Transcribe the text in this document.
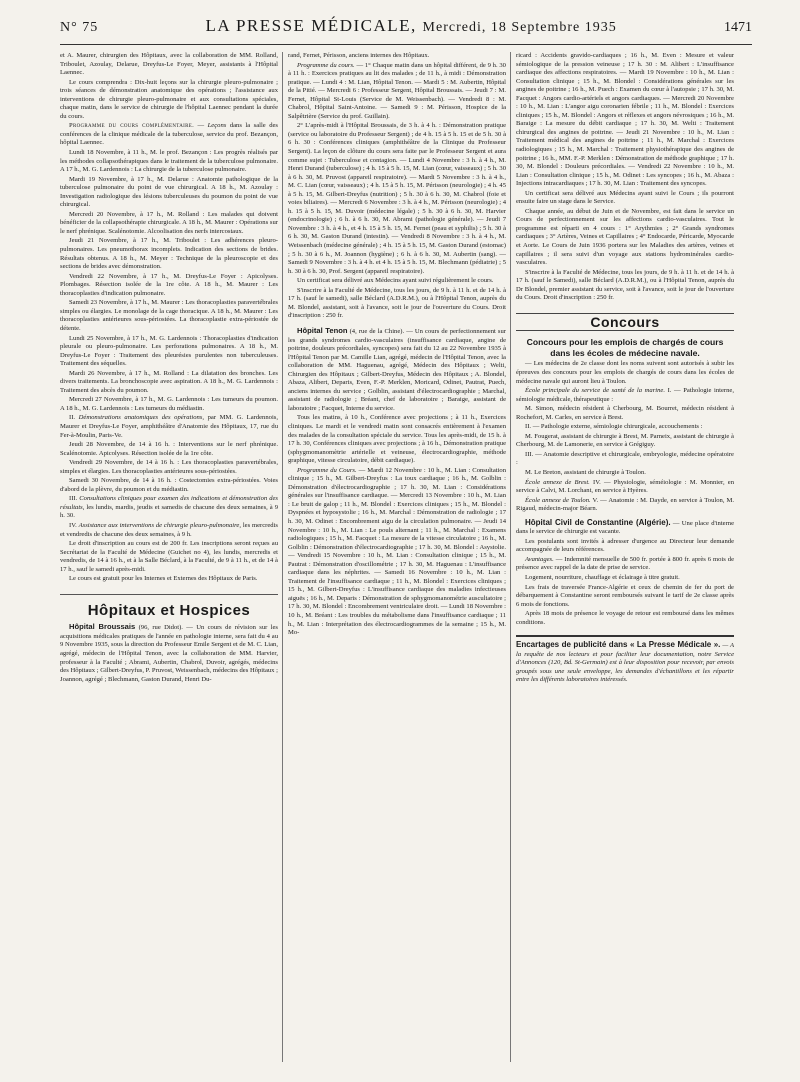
N° 75	LA PRESSE MÉDICALE, Mercredi, 18 Septembre 1935	1471

et A. Maurer, chirurgien des Hôpitaux, avec la collaboration de MM. Rolland, Triboulet, Azoulay, Delarue, Dreyfus-Le Foyer, Meyer, assistants à l'Hôpital Laennec.

Le cours comprendra : Dix-huit leçons sur la chirurgie pleuro-pulmonaire ; trois séances de démonstration anatomique des opérations ; l'assistance aux interventions de chirurgie pleuro-pulmonaire et aux consultations spéciales, chaque matin, dans le service de chirurgie de l'hôpital Laennec pendant la durée du cours.

Programme du cours complémentaire. — Leçons dans la salle des conférences de la clinique médicale de la tuberculose, service du prof. Bezançon, hôpital Laennec.

Lundi 18 Novembre, à 11 h., M. le prof. Bezançon : Les progrès réalisés par les méthodes collapsothérapiques dans le traitement de la tuberculose pulmonaire. A 17 h., M. G. Lardennois : La chirurgie de la tuberculose pulmonaire.

Mardi 19 Novembre, à 17 h., M. Delarue : Anatomie pathologique de la tuberculose pulmonaire du point de vue chirurgical. A 18 h., M. Azoulay : Investigation radiologique des lésions tuberculeuses du poumon du point de vue chirurgical.

Mercredi 20 Novembre, à 17 h., M. Rolland : Les malades qui doivent bénéficier de la collapsothérapie chirurgicale. A 18 h., M. Maurer : Opérations sur le nerf phrénique. Scalénotomie. Alcoolisation des nerfs intercostaux.

Jeudi 21 Novembre, à 17 h., M. Triboulet : Les adhérences pleuro-pulmonaires. Les pneumothorax incomplets. Indication des sections de brides. Résultats obtenus. A 18 h., M. Meyer : Technique de la pleuroscopie et des sections de brides avec démonstration.

Vendredi 22 Novembre, à 17 h., M. Dreyfus-Le Foyer : Apicolyses. Plombages. Résection isolée de la 1re côte. A 18 h., M. Maurer : Les thoracoplasties d'indication pulmonaire.

Samedi 23 Novembre, à 17 h., M. Maurer : Les thoracoplasties paravertébrales simples ou élargies. Le monolage de la cage thoracique. A 18 h., M. Maurer : Les thoracoplasties antérieures sous-périostées. La thoracoplastie extra-périostée de détente.

Lundi 25 Novembre, à 17 h., M. G. Lardennois : Thoracoplasties d'indication pleurale ou pleuro-pulmonaire. Les perforations pulmonaires. A 18 h., M. Dreyfus-Le Foyer : Traitement des pleurésies purulentes non tuberculeuses. Traitement des séquelles.

Mardi 26 Novembre, à 17 h., M. Rolland : La dilatation des bronches. Les divers traitements. La bronchoscopie avec aspiration. A 18 h., M. G. Lardennois : Traitement des abcès du poumon.

Mercredi 27 Novembre, à 17 h., M. G. Lardennois : Les tumeurs du poumon. A 18 h., M. G. Lardennois : Les tumeurs du médiastin.

II. Démonstrations anatomiques des opérations, par MM. G. Lardennois, Maurer et Dreyfus-Le Foyer, amphithéâtre d'Anatomie des Hôpitaux, 17, rue du Fer-à-Moulin, Paris-Ve.

Jeudi 28 Novembre, de 14 à 16 h. : Interventions sur le nerf phrénique. Scalénotomie. Apicolyses. Résection isolée de la 1re côte.

Vendredi 29 Novembre, de 14 à 16 h. : Les thoracoplasties paravertébrales, simples et élargies. Les thoracoplasties antérieures sous-périostées.

Samedi 30 Novembre, de 14 à 16 h. : Costectomies extra-périostées. Voies d'abord de la plèvre, du poumon et du médiastin.

III. Consultations cliniques pour examen des indications et démonstration des résultats, les lundis, mardis, jeudis et samedis de chacune des deux semaines, à 9 h. 30.

IV. Assistance aux interventions de chirurgie pleuro-pulmonaire, les mercredis et vendredis de chacune des deux semaines, à 9 h.

Le droit d'inscription au cours est de 200 fr. Les inscriptions seront reçues au Secrétariat de la Faculté de Médecine (Guichet no 4), les lundis, mercredis et vendredis, de 14 à 16 h., et à la Salle Béclard, à la Faculté, de 9 à 11 h., et de 14 à 17 h., sauf le samedi après-midi.

Le cours est gratuit pour les Internes et Externes des Hôpitaux de Paris.

Hôpitaux et Hospices

Hôpital Broussais (96, rue Didot). — Un cours de révision sur les acquisitions médicales pratiques de l'année en pathologie interne, sera fait du 4 au 9 Novembre 1935, sous la direction du Professeur Emile Sergent et de M. C. Lian, agrégé, médecin de l'Hôpital Tenon, avec la collaboration de MM. Harvier, professeur à la Faculté ; Abrami, Aubertin, Chabrol, Duvoir, agrégés, médecins des Hôpitaux ; Gilbert-Dreyfus, P. Pruvost, Weissenbach, médecins des Hôpitaux ; Joannon, agrégé ; Blechmann, Gaston Durand, Henri Du-

rand, Fernet, Périsson, anciens internes des Hôpitaux.

Programme du cours. — 1° Chaque matin dans un hôpital différent, de 9 h. 30 à 11 h. : Exercices pratiques au lit des malades ; de 11 h., à midi : Démonstration pratique. — Lundi 4 : M. Lian, Hôpital Tenon. — Mardi 5 : M. Aubertin, Hôpital de la Pitié. — Mercredi 6 : Professeur Sergent, Hôpital Broussais. — Jeudi 7 : M. Fernet, Hôpital St-Louis (Service de M. Weissenbach). — Vendredi 8 : M. Chabrol, Hôpital Saint-Antoine. — Samedi 9 : M. Périsson, Hospice de la Salpêtrière (Service du prof. Guillain).

2° L'après-midi à l'Hôpital Broussais, de 3 h. à 4 h. : Démonstration pratique (service ou laboratoire du Professeur Sergent) ; de 4 h. 15 à 5 h. 15 et de 5 h. 30 à 6 h. 30 : Conférences cliniques (amphithéâtre de la Clinique du Professeur Sergent). La leçon de clôture du cours sera faite par le Professeur Sergent et aura comme sujet : Tuberculose et contagion. — Lundi 4 Novembre : 3 h. à 4 h., M. Henri Durand (tuberculose) ; 4 h. 15 à 5 h. 15, M. Lian (cœur, vaisseaux) ; 5 h. 30 à 6 h. 30, M. Pruvost (appareil respiratoire). — Mardi 5 Novembre : 3 h. à 4 h., M. C. Lian (cœur, vaisseaux) ; 4 h. 15 à 5 h. 15, M. Périsson (neurologie) ; 4 h. 45 à 5 h. 15, M. Gilbert-Dreyfus (nutrition) ; 5 h. 30 à 6 h. 30, M. Chabrol (foie et voies biliaires). — Mercredi 6 Novembre : 3 h. à 4 h., M. Périsson (neurologie) ; 4 h. 15 à 5 h. 15, M. Duvoir (médecine légale) ; 5 h. 30 à 6 h. 30, M. Harvier (endocrinologie) ; 6 h. à 6 h. 30, M. Abrami (pathologie générale). — Jeudi 7 Novembre : 3 h. à 4 h., et 4 h. 15 à 5 h. 15, M. Fernet (peau et syphilis) ; 5 h. 30 à 6 h. 30, M. Gaston Durand (intestin). — Vendredi 8 Novembre : 3 h. à 4 h., M. Weissenbach (médecine générale) ; 4 h. 15 à 5 h. 15, M. Gaston Durand (estomac) ; 5 h. 30 à 6 h., M. Joannon (hygiène) ; 6 h. à 6 h. 30, M. Aubertin (sang). — Samedi 9 Novembre : 3 h. à 4 h. et 4 h. 15 à 5 h. 15, M. Blechmann (pédiatrie) ; 5 h. 30 à 6 h. 30, Prof. Sergent (appareil respiratoire).

Un certificat sera délivré aux Médecins ayant suivi régulièrement le cours.

S'inscrire à la Faculté de Médecine, tous les jours, de 9 h. à 11 h. et de 14 h. à 17 h. (sauf le samedi), salle Béclard (A.D.R.M.), ou à l'Hôpital Tenon, auprès du M. Blondel, assistant, soit à l'avance, soit le jour de l'ouverture du Cours. Droit d'inscription : 250 fr.

Hôpital Tenon (4, rue de la Chine). — Un cours de perfectionnement sur les grands syndromes cardio-vasculaires (insuffisance cardiaque, angine de poitrine, douleurs précordiales, syncopes) sera fait du 12 au 22 Novembre 1935 à l'Hôpital Tenon par M. Camille Lian, agrégé, médecin de l'Hôpital Tenon, avec la collaboration de MM. Haguenau, agrégé, Médecin des Hôpitaux ; Welti, Chirurgien des Hôpitaux ; Gilbert-Dreyfus, Médecin des Hôpitaux ; A. Blondel, Abaza, Alibert, Deparis, Even, F.-P. Merklen, Moricard, Odinet, Pautrat, Puech, anciens internes du service ; Golblin, assistant d'électrocardiographie ; Marchal, assistant de radiologie ; Bréant, chef de laboratoire ; Baraige, assistant de laboratoire ; Facquet, Interne du service.

Tous les matins, à 10 h., Conférence avec projections ; à 11 h., Exercices cliniques. Le mardi et le vendredi matin sont consacrés entièrement à l'examen des malades de la consultation spéciale du service. Tous les après-midi, de 15 h. à 17 h. 30, Conférences cliniques avec projections ; à 16 h., Démonstration pratique (sphygmomanomètrie artérielle et veineuse, électrocardiographie, méthode graphique, vitesse circulatoire, débit cardiaque).

Programme du Cours. — Mardi 12 Novembre : 10 h., M. Lian : Consultation clinique ; 15 h., M. Gilbert-Dreyfus : La toux cardiaque ; 16 h., M. Golblin : Démonstration d'électrocardiographie ; 17 h. 30, M. Lian : Considérations générales sur l'insuffisance cardiaque. — Mercredi 13 Novembre : 10 h., M. Lian : Le bruit de galop ; 11 h., M. Blondel : Exercices cliniques ; 15 h., M. Blondel : Dyspnées et hyposystolie ; 16 h., M. Marchal : Démonstration de radiologie ; 17 h. 30, M. Odinet : Encombrement aigu de la circulation pulmonaire. — Jeudi 14 Novembre : 10 h., M. Lian : Le pouls alternant ; 11 h., M. Marchal : Examens radiologiques ; 15 h., M. Facquet : La mesure de la vitesse circulatoire ; 16 h., M. Golblin : Démonstration d'électrocardiographie ; 17 h. 30, M. Blondel : Asystolie. — Vendredi 15 Novembre : 10 h., M. Lian : Consultation clinique ; 15 h., M. Pautrat : Démonstration d'oscillométrie ; 17 h. 30, M. Haguenau : L'insuffisance cardiaque dans les néphrites. — Samedi 16 Novembre : 10 h., M. Lian : Traitement de l'insuffisance cardiaque ; 11 h., M. Blondel : Exercices cliniques ; 15 h., M. Gilbert-Dreyfus : L'insuffisance cardiaque des maladies infectieuses aiguës ; 16 h., M. Deparis : Démonstration de sphygmomanométrie auscultatoire ; 17 h. 30, M. Blondel : Encombrement ventriculaire droit. — Lundi 18 Novembre : 10 h., M. Bréant : Les troubles du métabolisme dans l'insuffisance cardiaque ; 11 h., M. Lian : Interprétation des électrocardiogrammes de la semaine ; 15 h., M. Mo-

ricard : Accidents gravido-cardiaques ; 16 h., M. Even : Mesure et valeur sémiologique de la pression veineuse ; 17 h. 30 : M. Alibert : L'insuffisance cardiaque des affections respiratoires. — Mardi 19 Novembre : 10 h., M. Lian : Consultation clinique ; 15 h., M. Blondel : Considérations générales sur les angines de poitrine ; 16 h., M. Puech : Examen du cœur à l'autopsie ; 17 h. 30, M. Facquet : Angors cardio-artériels et angors cardiaques. — Mercredi 20 Novembre : 10 h., M. Lian : L'angor aigu coronarien fébrile ; 11 h., M. Blondel : Exercices cliniques ; 15 h., M. Blondel : Angors et réflexes et angors névrosiques ; 16 h., M. Baraige : La mesure du débit cardiaque ; 17 h. 30, M. Welti : Traitement chirurgical des angines de poitrine. — Jeudi 21 Novembre : 10 h., M. Lian : Traitement médical des angines de poitrine ; 11 h., M. Marchal : Exercices radiologiques ; 15 h., M. Marchal : Traitement physiothérapique des angines de poitrine ; 16 h., MM. F.-P. Merklen : Démonstration de méthode graphique ; 17 h. 30, M. Blondel : Douleurs précordiales. — Vendredi 22 Novembre : 10 h., M. Lian : Consultation clinique ; 15 h., M. Odinet : Les syncopes ; 16 h., M. Abaza : Injections intracardiaques ; 17 h. 30, M. Lian : Traitement des syncopes.

Un certificat sera délivré aux Médecins ayant suivi le Cours ; ils pourront ensuite faire un stage dans le Service.

Chaque année, au début de Juin et de Novembre, est fait dans le service un Cours de perfectionnement sur les affections cardio-vasculaires. Tout le programme est réparti en 4 cours : 1° Arythmies ; 2° Grands syndromes cardiaques ; 3° Artères, Veines et Capillaires ; 4° Endocarde, Péricarde, Myocarde et Aorte. Le Cours de Juin 1936 portera sur les Maladies des artères, veines et capillaires ; il sera suivi d'un voyage aux stations hydrominérales cardio-vasculaires.

S'inscrire à la Faculté de Médecine, tous les jours, de 9 h. à 11 h. et de 14 h. à 17 h. (sauf le Samedi), salle Béclard (A.D.R.M.), ou à l'Hôpital Tenon, auprès du Dr Blondel, premier assistant du service, soit à l'avance, soit le jour de l'ouverture du Cours. Droit d'inscription : 250 fr.

Concours
Concours pour les emplois de chargés de cours dans les écoles de médecine navale.

— Les médecins de 2e classe dont les noms suivent sont autorisés à subir les épreuves des concours pour les emplois de chargés de cours dans les écoles de médecine navale qui auront lieu à Toulon.

École principale du service de santé de la marine. I. — Pathologie interne, sémiologie médicale, thérapeutique :

M. Simon, médecin résident à Cherbourg, M. Bourret, médecin résident à Rochefort, M. Carles, en service à Brest.

II. — Pathologie externe, sémiologie chirurgicale, accouchements :

M. Fougerat, assistant de chirurgie à Brest, M. Parneix, assistant de chirurgie à Cherbourg, M. de Lamonerie, en service à Grégiguy.

III. — Anatomie descriptive et chirurgicale, embryologie, médecine opératoire :

M. Le Breton, assistant de chirurgie à Toulon.

École annexe de Brest. IV. — Physiologie, séméiologie : M. Monnier, en service à Calvi, M. Lorchant, en service à Hyères.

École annexe de Toulon. V. — Anatomie : M. Dayde, en service à Toulon, M. Rigaud, médecin-major Béarn.

Hôpital Civil de Constantine (Algérie). — Une place d'interne dans le service de chirurgie est vacante.

Les postulants sont invités à adresser d'urgence au Directeur leur demande accompagnée de leurs références.

Avantages. — Indemnité mensuelle de 500 fr. portée à 800 fr. après 6 mois de présence avec rappel de la date de prise de service.

Logement, nourriture, chauffage et éclairage à titre gratuit.

Les frais de traversée France-Algérie et ceux de chemin de fer du port de débarquement à Constantine seront remboursés suivant le tarif de 2e classe après 6 mois de fonctions.

Après 18 mois de présence le voyage de retour est remboursé dans les mêmes conditions.

Encartages de publicité dans « La Presse Médicale ». — A la requête de nos lecteurs et pour faciliter leur documentation, notre Service d'Annonces (120, Bd. St-Germain) est à leur disposition pour recevoir, par envois groupés sous une seule enveloppe, les demandes d'échantillons et les répartir entre les différents laboratoires intéressés.
